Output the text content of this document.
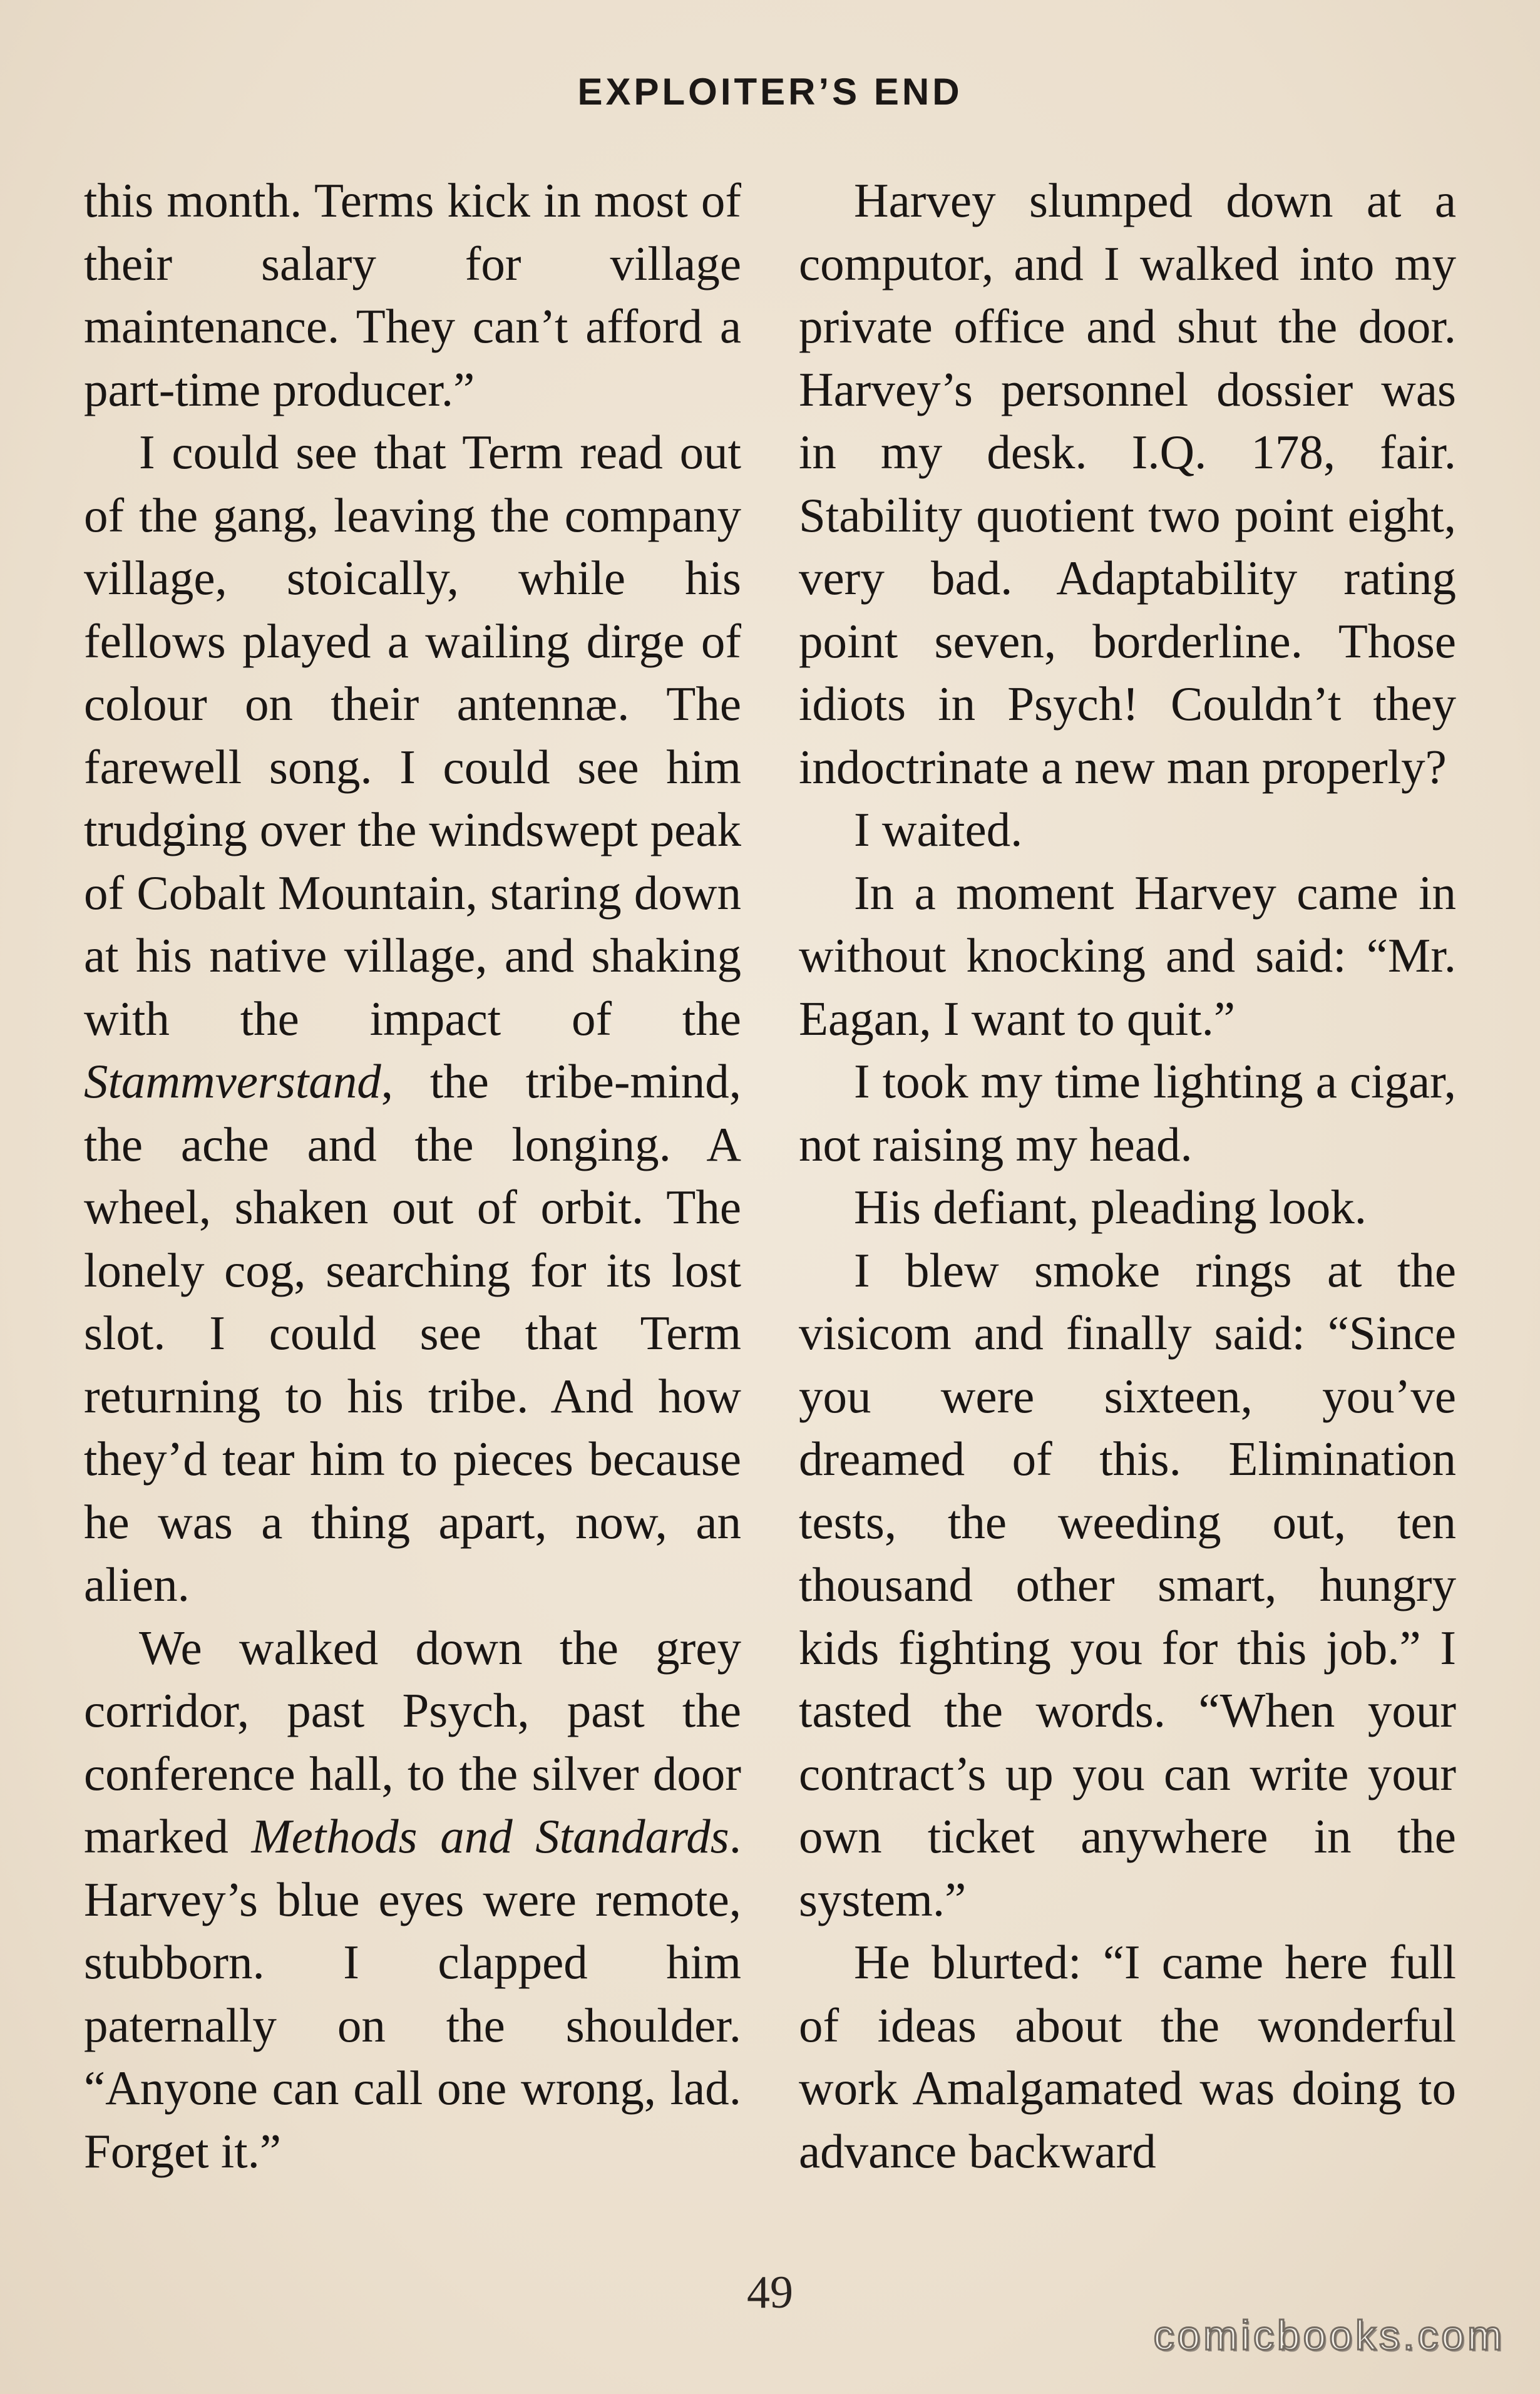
EXPLOITER’S END

this month. Terms kick in most of their salary for village maintenance. They can’t afford a part-time producer.”

I could see that Term read out of the gang, leaving the company village, stoically, while his fellows played a wailing dirge of colour on their antennæ. The farewell song. I could see him trudging over the windswept peak of Cobalt Mountain, staring down at his native village, and shaking with the impact of the Stammverstand, the tribe-mind, the ache and the longing. A wheel, shaken out of orbit. The lonely cog, searching for its lost slot. I could see that Term returning to his tribe. And how they’d tear him to pieces because he was a thing apart, now, an alien.

We walked down the grey corridor, past Psych, past the conference hall, to the silver door marked Methods and Standards. Harvey’s blue eyes were remote, stubborn. I clapped him paternally on the shoulder. “Anyone can call one wrong, lad. Forget it.”

Harvey slumped down at a computor, and I walked into my private office and shut the door. Harvey’s personnel dossier was in my desk. I.Q. 178, fair. Stability quotient two point eight, very bad. Adaptability rating point seven, borderline. Those idiots in Psych! Couldn’t they indoctrinate a new man properly?

I waited.

In a moment Harvey came in without knocking and said: “Mr. Eagan, I want to quit.”

I took my time lighting a cigar, not raising my head.

His defiant, pleading look.

I blew smoke rings at the visicom and finally said: “Since you were sixteen, you’ve dreamed of this. Elimination tests, the weeding out, ten thousand other smart, hungry kids fighting you for this job.” I tasted the words. “When your contract’s up you can write your own ticket anywhere in the system.”

He blurted: “I came here full of ideas about the wonderful work Amalgamated was doing to advance backward

49
comicbooks.com
